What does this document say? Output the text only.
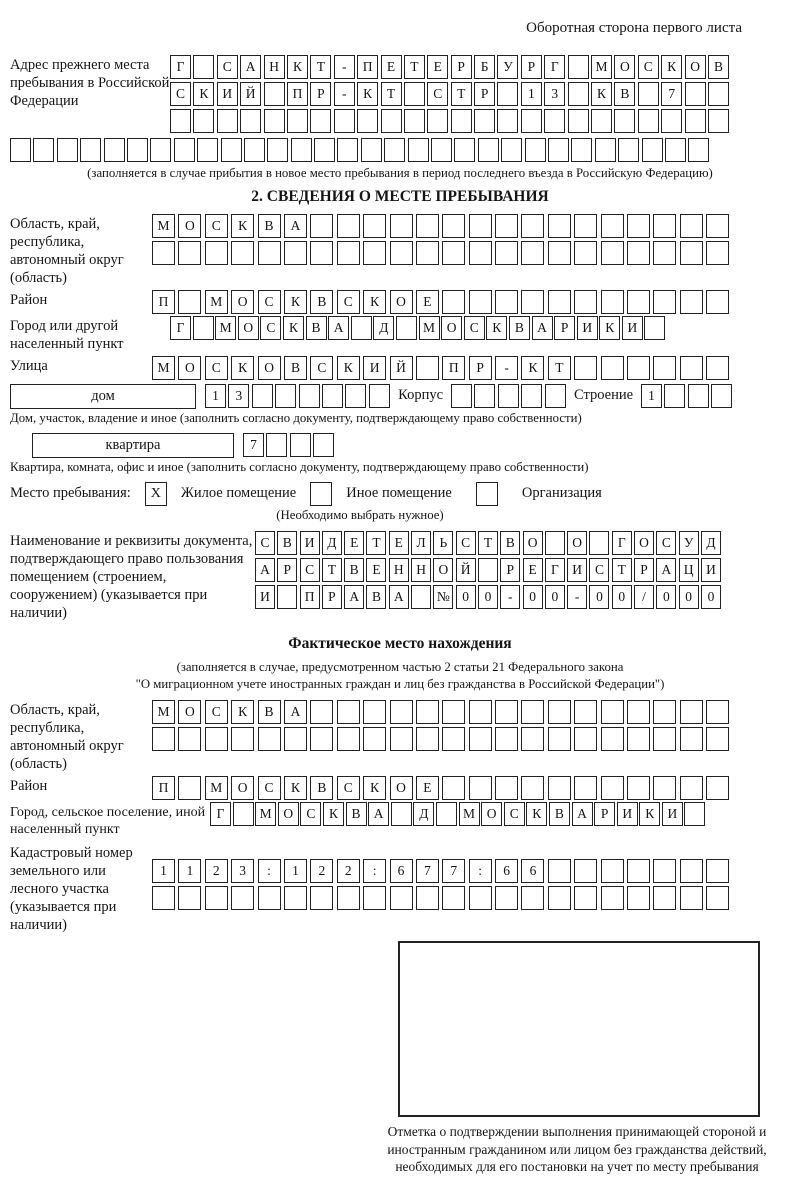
Оборотная сторона первого листа
Адрес прежнего места пребывания в Российской Федерации
Г	С	А	Н	К	Т	-	П	Е	Т	Е	Р	Б	У	Р	Г	М О	С	К	О	В
С	К	И	Й	П	Р	-	К	Т	С	Т	Р	1	3	К	В	7
(заполняется в случае прибытия в новое место пребывания в период последнего въезда в Российскую Федерацию)
2. СВЕДЕНИЯ О МЕСТЕ ПРЕБЫВАНИЯ
Область, край, республика, автономный округ (область)
М	О	С	К	В	А
Район	П	М	О	С	К	В	С	К	О	Е
Город или другой населенный пункт
Г	М О С	К	В А	Д	М О С	К	В А	Р	И К И
Улица	М	О	С	К	О	В	С	К	И	Й	П	Р	-	К	Т
дом	1	3	Корпус	Строение	1
Дом, участок, владение и иное (заполнить согласно документу, подтверждающему право собственности)
квартира	7
Квартира, комната, офис и иное (заполнить согласно документу, подтверждающему право собственности)
Место пребывания:	X	Жилое помещение	Иное помещение	Организация
(Необходимо выбрать нужное)
Наименование и реквизиты документа, подтверждающего право пользования помещением (строением, сооружением) (указывается при наличии)
С В И Д	Е	Т	Е	Л	Ь	С	Т	В О	О	Г	О С У Д
А	Р	С	Т	В	Е Н Н О Й	Р	Е	Г	И С	Т	Р	А Ц И
И	П	Р	А В А	№ 0	0	-	0	0	-	0	0	/	0	0	0
Фактическое место нахождения
(заполняется в случае, предусмотренном частью 2 статьи 21 Федерального закона
"О миграционном учете иностранных граждан и лиц без гражданства в Российской Федерации")
Область, край, республика, автономный округ (область)
М	О	С	К	В	А
Район	П	М	О	С	К	В	С	К	О	Е
Город, сельское поселение, иной населенный пункт
Г	М О С	К	В А	Д	М О С	К	В А	Р	И К И
Кадастровый номер земельного или лесного участка (указывается при наличии)
1	1	2	3	:	1	2	2	:	6	7	7	:	6	6
Отметка о подтверждении выполнения принимающей стороной и иностранным гражданином или лицом без гражданства действий, необходимых для его постановки на учет по месту пребывания
